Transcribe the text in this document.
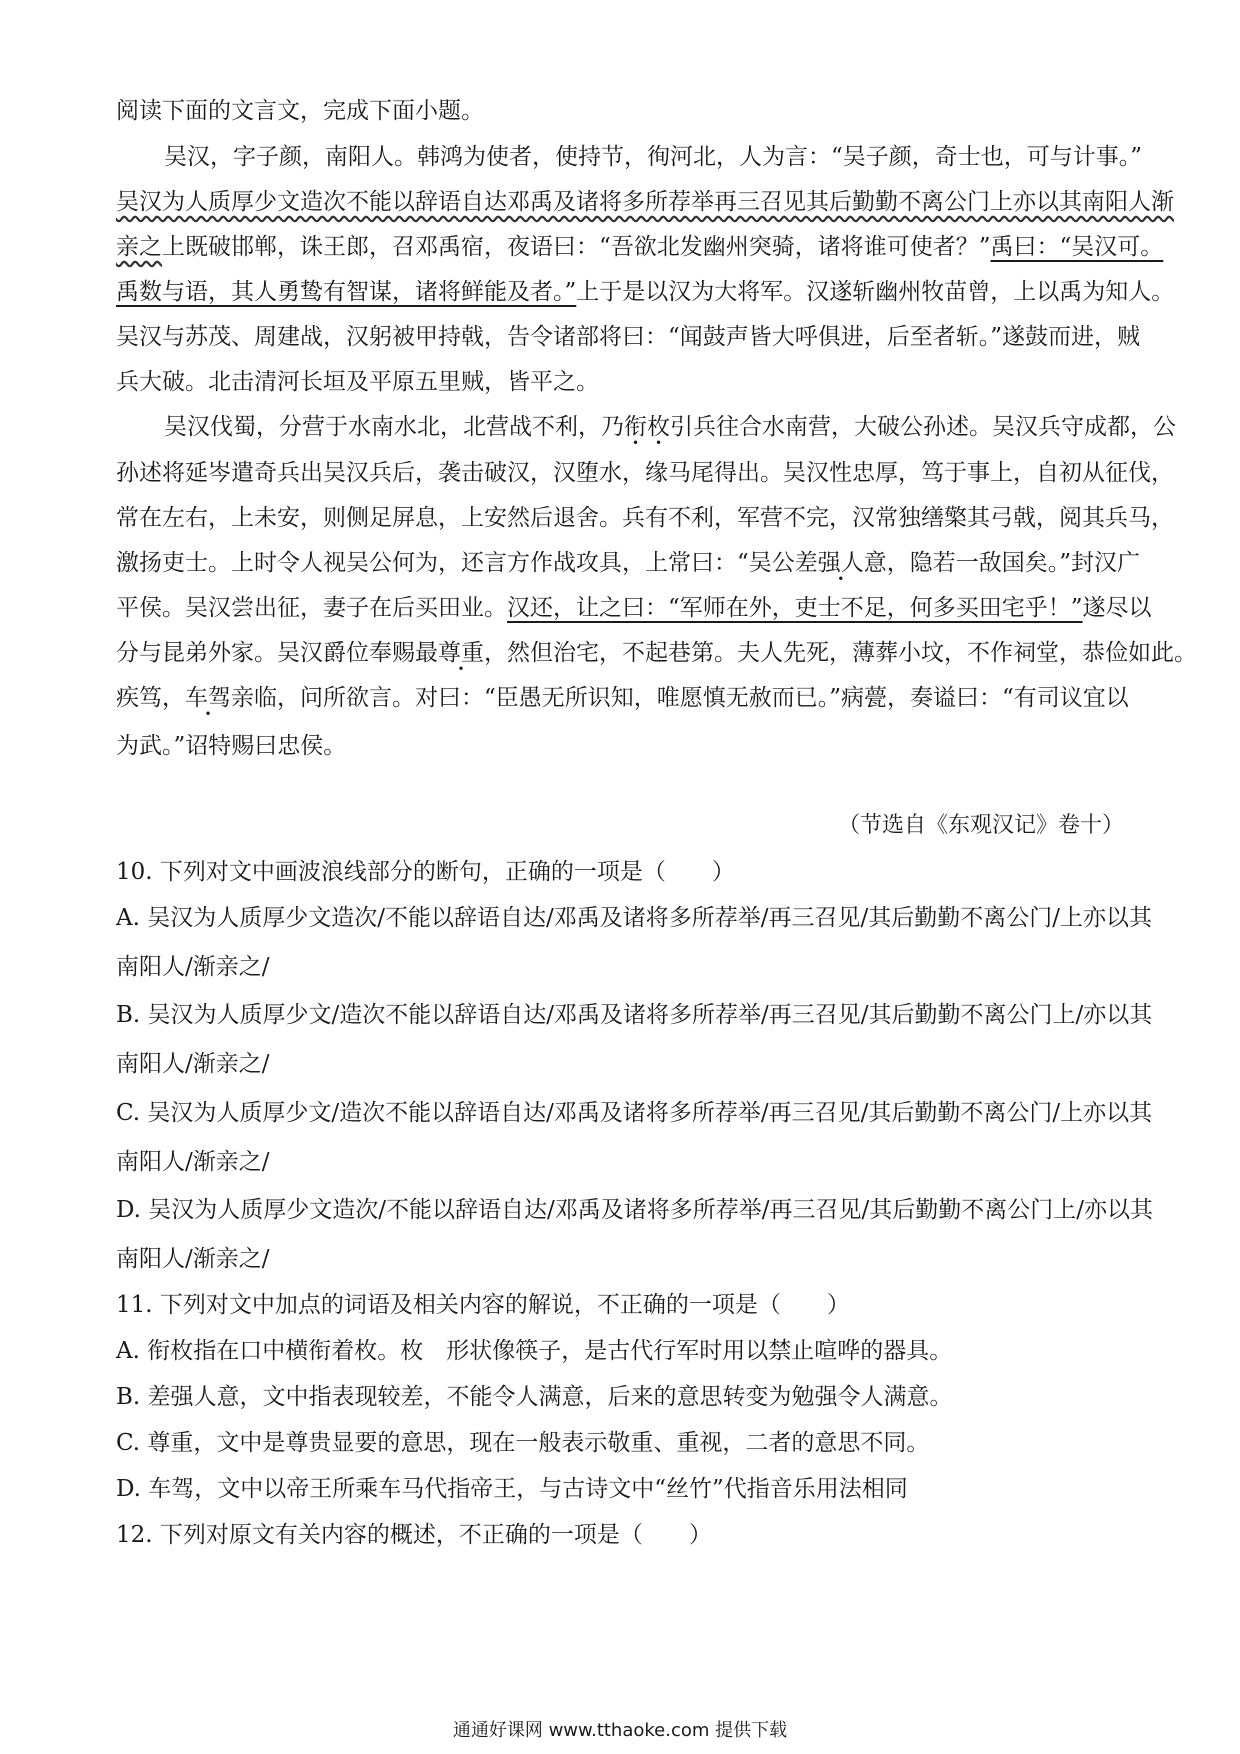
阅读下面的文言文，完成下面小题。
吴汉，字子颜，南阳人。韩鸿为使者，使持节，徇河北，人为言：“吴子颜，奇士也，可与计事。”
吴汉为人质厚少文造次不能以辞语自达邓禹及诸将多所荐举再三召见其后勤勤不离公门上亦以其南阳人渐
亲之上既破邯郸，诛王郎，召邓禹宿，夜语曰：“吾欲北发幽州突骑，诸将谁可使者？”禹曰：“吴汉可。
禹数与语，其人勇鸷有智谋，诸将鲜能及者。”上于是以汉为大将军。汉遂斩幽州牧苗曾，上以禹为知人。
吴汉与苏茂、周建战，汉躬被甲持戟，告令诸部将曰：“闻鼓声皆大呼俱进，后至者斩。”遂鼓而进，贼
兵大破。北击清河长垣及平原五里贼，皆平之。
吴汉伐蜀，分营于水南水北，北营战不利，乃衔枚引兵往合水南营，大破公孙述。吴汉兵守成都，公
孙述将延岑遣奇兵出吴汉兵后，袭击破汉，汉堕水，缘马尾得出。吴汉性忠厚，笃于事上，自初从征伐，
常在左右，上未安，则侧足屏息，上安然后退舍。兵有不利，军营不完，汉常独缮檠其弓戟，阅其兵马，
激扬吏士。上时令人视吴公何为，还言方作战攻具，上常曰：“吴公差强人意，隐若一敌国矣。”封汉广
平侯。吴汉尝出征，妻子在后买田业。汉还，让之曰：“军师在外，吏士不足，何多买田宅乎！”遂尽以
分与昆弟外家。吴汉爵位奉赐最尊重，然但治宅，不起巷第。夫人先死，薄葬小坟，不作祠堂，恭俭如此。
疾笃，车驾亲临，问所欲言。对曰：“臣愚无所识知，唯愿慎无赦而已。”病甍，奏谥曰：“有司议宜以
为武。”诏特赐曰忠侯。
（节选自《东观汉记》卷十）
10. 下列对文中画波浪线部分的断句，正确的一项是（　　）
A. 吴汉为人质厚少文造次/不能以辞语自达/邓禹及诸将多所荐举/再三召见/其后勤勤不离公门/上亦以其
南阳人/渐亲之/
B. 吴汉为人质厚少文/造次不能以辞语自达/邓禹及诸将多所荐举/再三召见/其后勤勤不离公门上/亦以其
南阳人/渐亲之/
C. 吴汉为人质厚少文/造次不能以辞语自达/邓禹及诸将多所荐举/再三召见/其后勤勤不离公门/上亦以其
南阳人/渐亲之/
D. 吴汉为人质厚少文造次/不能以辞语自达/邓禹及诸将多所荐举/再三召见/其后勤勤不离公门上/亦以其
南阳人/渐亲之/
11. 下列对文中加点的词语及相关内容的解说，不正确的一项是（　　）
A. 衔枚指在口中横衔着枚。枚　形状像筷子，是古代行军时用以禁止喧哗的器具。
B. 差强人意，文中指表现较差，不能令人满意，后来的意思转变为勉强令人满意。
C. 尊重，文中是尊贵显要的意思，现在一般表示敬重、重视，二者的意思不同。
D. 车驾，文中以帝王所乘车马代指帝王，与古诗文中“丝竹”代指音乐用法相同
12. 下列对原文有关内容的概述，不正确的一项是（　　）
通通好课网 www.tthaoke.com 提供下载
